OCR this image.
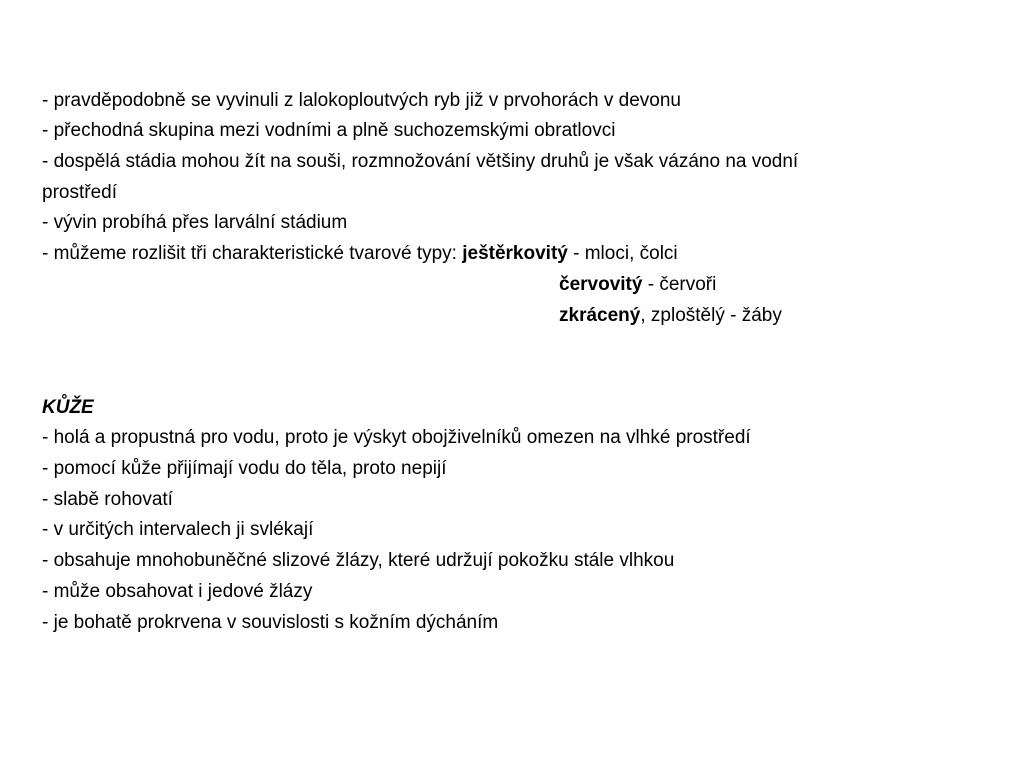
- pravděpodobně se vyvinuli z lalokoploutvých ryb již v prvohorách v devonu
- přechodná skupina mezi vodními a plně suchozemskými obratlovci
- dospělá stádia mohou žít na souši, rozmnožování většiny druhů je však vázáno na vodní
prostředí
- vývin probíhá přes larvální stádium
- můžeme rozlišit tři charakteristické tvarové typy: ještěrkovitý - mloci, čolci
červovitý - červoři
zkrácený, zploštělý - žáby
KŮŽE
- holá a propustná pro vodu, proto je výskyt obojživelníků omezen na vlhké prostředí
- pomocí kůže přijímají vodu do těla, proto nepijí
- slabě rohovatí
- v určitých intervalech ji svlékají
- obsahuje mnohobuněčné slizové žlázy, které udržují pokožku stále vlhkou
- může obsahovat i jedové žlázy
- je bohatě prokrvena v souvislosti s kožním dýcháním
